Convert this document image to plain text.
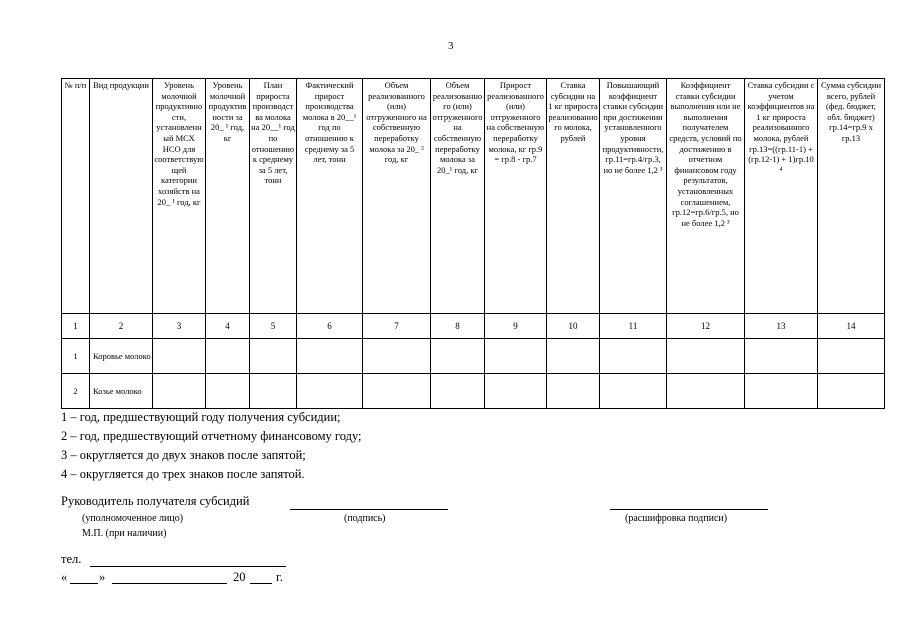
3
№ п/п	Вид продукции	Уровень молочной продуктивности, установленный МСХ НСО для соответствующей категории хозяйств на 20_ ¹ год, кг	Уровень молочной продуктивности за 20_ ¹ год, кг	План прироста производства молока на 20__¹ год по отношению к среднему за 5 лет, тонн	Фактический прирост производства молока в 20__¹ год по отношению к среднему за 5 лет, тонн	Объем реализованного (или) отгруженного на собственную переработку молока за 20_ ² год, кг	Объем реализованного (или) отгруженного на собственную переработку молока за 20_¹ год, кг	Прирост реализованного (или) отгруженного на собственную переработку молока, кг гр.9 = гр.8 - гр.7	Ставка субсидии на 1 кг прироста реализованного молока, рублей	Повышающий коэффициент ставки субсидии при достижении установленного уровня продуктивности, гр.11=гр.4/гр.3, но не более 1,2 ³	Коэффициент ставки субсидии выполнения или не выполнения получателем средств, условий по достижению в отчетном финансовом году результатов, установленных соглашением, гр.12=гр.6/гр.5, но не более 1,2 ³	Ставка субсидии с учетом коэффициентов на 1 кг прироста реализованного молока, рублей гр.13=((гр.11-1) + (гр.12-1) + 1)гр.10 ⁴	Сумма субсидии всего, рублей (фед. бюджет, обл. бюджет) гр.14=гр.9 х гр.13
1	2	3	4	5	6	7	8	9	10	11	12	13	14
1	Коровье молоко												
2	Козье молоко												
1 – год, предшествующий году получения субсидии;
2 – год, предшествующий отчетному финансовому году;
3 – округляется до двух знаков после запятой;
4 – округляется до трех знаков после запятой.
Руководитель получателя субсидий
(уполномоченное лицо)	(подпись)	(расшифровка подписи)
М.П. (при наличии)
тел.
«	»	20 г.
